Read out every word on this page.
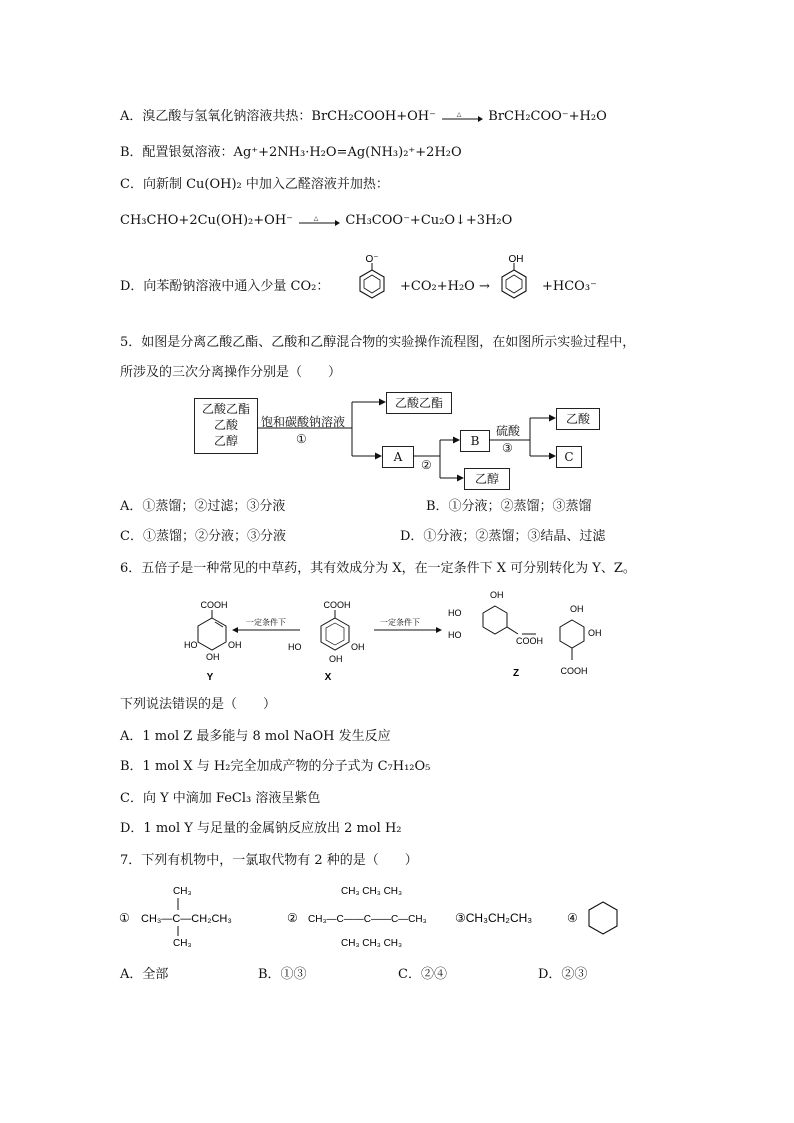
A．溴乙酸与氢氧化钠溶液共热：BrCH₂COOH+OH⁻	△ BrCH₂COO⁻+H₂O
B．配置银氨溶液：Ag⁺+2NH₃·H₂O=Ag(NH₃)₂⁺+2H₂O
C．向新制 Cu(OH)₂ 中加入乙醛溶液并加热：
CH₃CHO+2Cu(OH)₂+OH⁻	△ CH₃COO⁻+Cu₂O↓+3H₂O
D．向苯酚钠溶液中通入少量 CO₂：
O⁻
+CO₂+H₂O →
OH
+HCO₃⁻
5．如图是分离乙酸乙酯、乙酸和乙醇混合物的实验操作流程图，在如图所示实验过程中，
所涉及的三次分离操作分别是（　　）
乙酸乙酯
乙酸
乙醇
乙酸乙酯
A
B
乙醇
乙酸
C
饱和碳酸钠溶液
①
②
硫酸
③
A．①蒸馏；②过滤；③分液	B．①分液；②蒸馏；③蒸馏
C．①蒸馏；②分液；③分液	D．①分液；②蒸馏；③结晶、过滤
6．五倍子是一种常见的中草药，其有效成分为 X，在一定条件下 X 可分别转化为 Y、Z。
COOH
HO	OH
OH
Y
一定条件下
COOH
HO	OH
OH
X
一定条件下
OH
HO
HO
COOH
OH
OH
COOH
Z
下列说法错误的是（　　）
A．1 mol Z 最多能与 8 mol NaOH 发生反应
B．1 mol X 与 H₂完全加成产物的分子式为 C₇H₁₂O₅
C．向 Y 中滴加 FeCl₃ 溶液呈紫色
D．1 mol Y 与足量的金属钠反应放出 2 mol H₂
7．下列有机物中，一氯取代物有 2 种的是（　　）
①
CH₃
CH₃—C—CH₂CH₃
CH₃
②
CH₃ CH₃ CH₃
CH₃—C——C——C—CH₃
CH₃ CH₃ CH₃
③CH₃CH₂CH₃	④
A．全部	B．①③	C．②④	D．②③
